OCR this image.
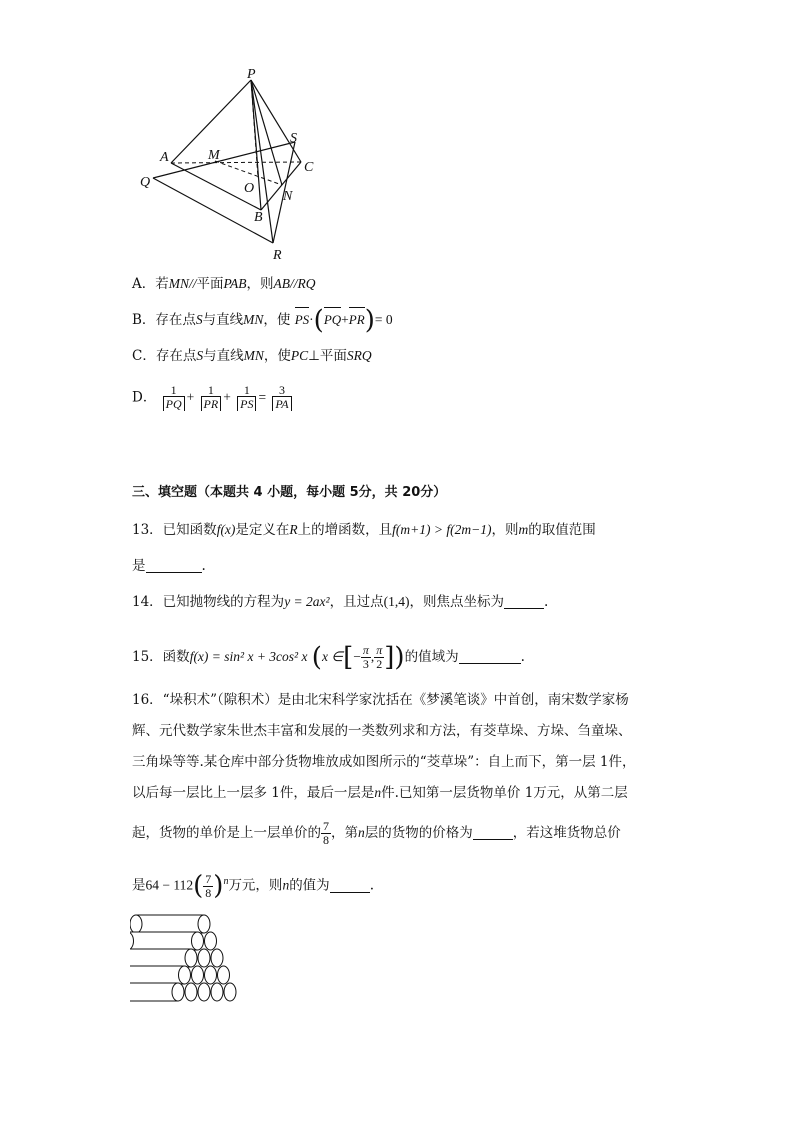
P
S
A	M
C
Q	O
N
B
R
A．若MN//平面PAB，则AB//RQ
B．存在点S与直线MN，使 PS·(PQ+PR)= 0
C．存在点S与直线MN，使PC⊥平面SRQ
D． $\frac{1}{PQ} + \frac{1}{PR} + \frac{1}{PS} = \frac{3}{PA}$
三、填空题（本题共 4 小题，每小题 5分，共 20分）
13．已知函数f(x)是定义在R上的增函数，且f(m+1) > f(2m−1)，则m的取值范围
是	.
14．已知抛物线的方程为y = 2ax²，且过点(1,4)，则焦点坐标为	.
15．函数f(x) = sin² x + 3cos² x (x ∈[− $\frac{\pi}{3}$ , $\frac{\pi}{2}$ ])的值域为	.
16．“垛积术”（隙积术）是由北宋科学家沈括在《梦溪笔谈》中首创，南宋数学家杨
辉、元代数学家朱世杰丰富和发展的一类数列求和方法，有茭草垛、方垛、刍童垛、
三角垛等等.某仓库中部分货物堆放成如图所示的“茭草垛”：自上而下，第一层 1件，
以后每一层比上一层多 1件，最后一层是n件.已知第一层货物单价 1万元，从第二层
起，货物的单价是上一层单价的 $\frac{7}{8}$ ，第n层的货物的价格为	，若这堆货物总价
是$64 - 112( \frac{7}{8} )^n$万元，则n的值为	.
